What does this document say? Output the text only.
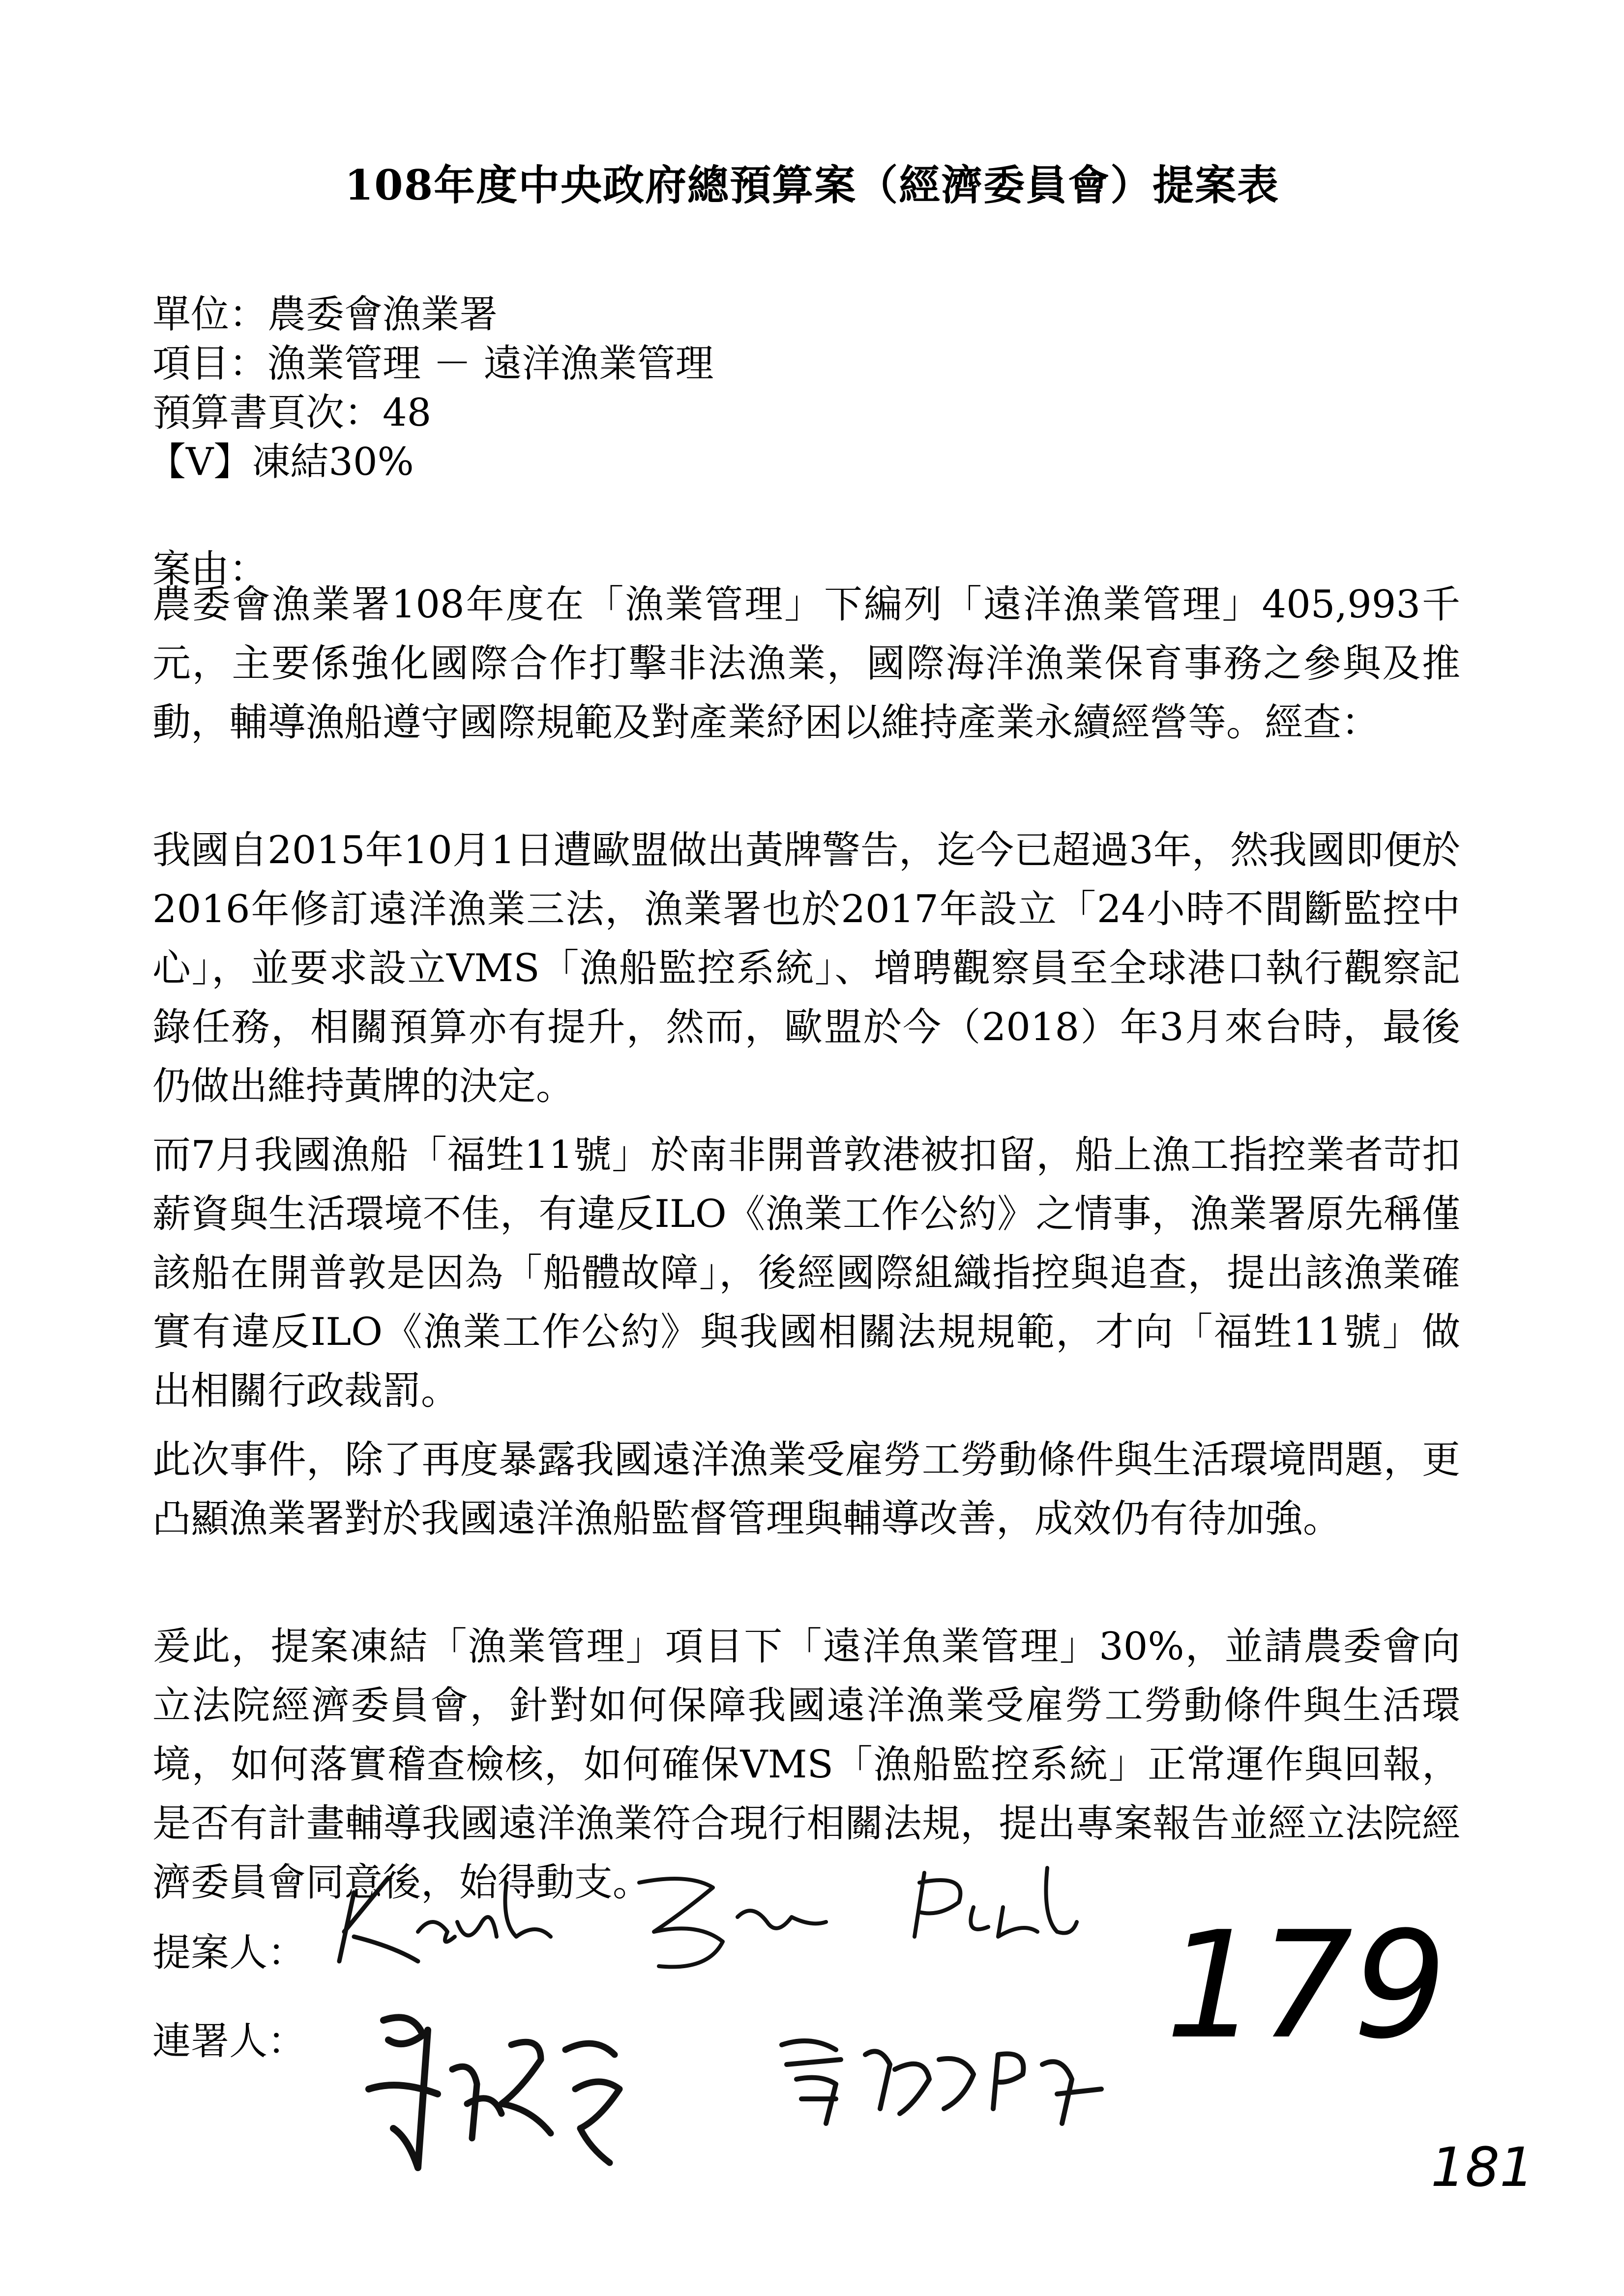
108年度中央政府總預算案（經濟委員會）提案表
單位：農委會漁業署
項目：漁業管理 － 遠洋漁業管理
預算書頁次：48
【V】凍結30%
案由：
農委會漁業署108年度在「漁業管理」下編列「遠洋漁業管理」405,993千元，主要係強化國際合作打擊非法漁業，國際海洋漁業保育事務之參與及推動，輔導漁船遵守國際規範及對產業紓困以維持產業永續經營等。經查：
我國自2015年10月1日遭歐盟做出黃牌警告，迄今已超過3年，然我國即便於2016年修訂遠洋漁業三法，漁業署也於2017年設立「24小時不間斷監控中心」，並要求設立VMS「漁船監控系統」、增聘觀察員至全球港口執行觀察記錄任務，相關預算亦有提升，然而，歐盟於今（2018）年3月來台時，最後仍做出維持黃牌的決定。
而7月我國漁船「福甡11號」於南非開普敦港被扣留，船上漁工指控業者苛扣薪資與生活環境不佳，有違反ILO《漁業工作公約》之情事，漁業署原先稱僅該船在開普敦是因為「船體故障」，後經國際組織指控與追查，提出該漁業確實有違反ILO《漁業工作公約》與我國相關法規規範，才向「福甡11號」做出相關行政裁罰。
此次事件，除了再度暴露我國遠洋漁業受雇勞工勞動條件與生活環境問題，更凸顯漁業署對於我國遠洋漁船監督管理與輔導改善，成效仍有待加強。
爰此，提案凍結「漁業管理」項目下「遠洋魚業管理」30%，並請農委會向立法院經濟委員會，針對如何保障我國遠洋漁業受雇勞工勞動條件與生活環境，如何落實稽查檢核，如何確保VMS「漁船監控系統」正常運作與回報，是否有計畫輔導我國遠洋漁業符合現行相關法規，提出專案報告並經立法院經濟委員會同意後，始得動支。
提案人：
連署人：	179
181
